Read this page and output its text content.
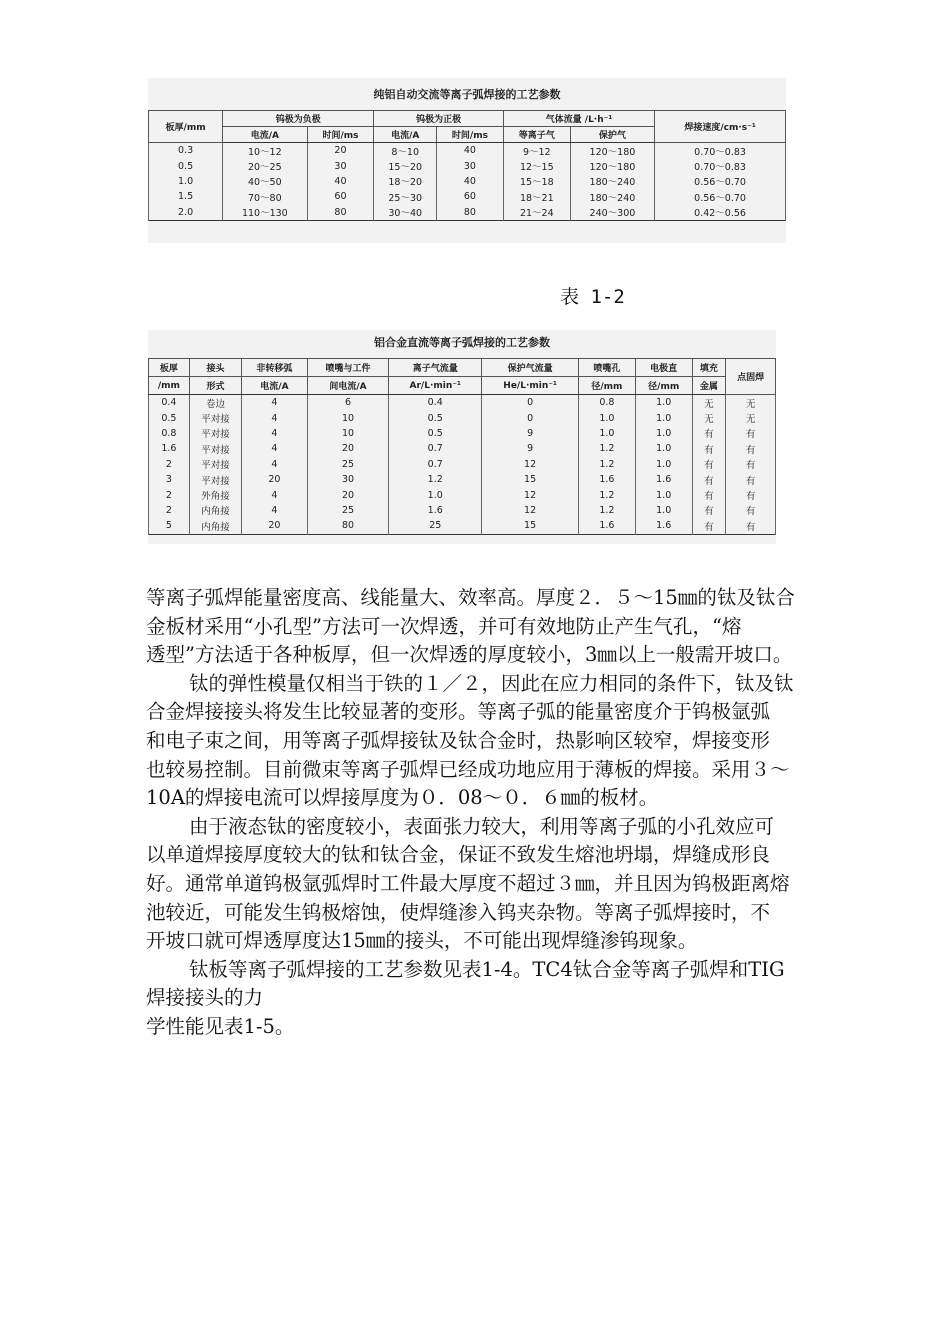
纯铝自动交流等离子弧焊接的工艺参数
板厚/mm	钨极为负极		钨极为正极		气体流量 /L·h⁻¹		焊接速度/cm·s⁻¹
	电流/A	时间/ms	电流/A	时间/ms	等离子气	保护气	
0.3	10～12	20	8～10	40	9～12	120～180	0.70～0.83
0.5	20～25	30	15～20	30	12～15	120～180	0.70～0.83
1.0	40～50	40	18～20	40	15～18	180～240	0.56～0.70
1.5	70～80	60	25～30	60	18～21	180～240	0.56～0.70
2.0	110～130	80	30～40	80	21～24	240～300	0.42～0.56
表 1-2
铝合金直流等离子弧焊接的工艺参数
板厚	接头	非转移弧	喷嘴与工件	离子气流量	保护气流量	喷嘴孔	电极直	填充	点固焊
/mm	形式	电流/A	间电流/A	Ar/L·min⁻¹	He/L·min⁻¹	径/mm	径/mm	金属	
0.4	卷边	4	6	0.4	0	0.8	1.0	无	无
0.5	平对接	4	10	0.5	0	1.0	1.0	无	无
0.8	平对接	4	10	0.5	9	1.0	1.0	有	有
1.6	平对接	4	20	0.7	9	1.2	1.0	有	有
2	平对接	4	25	0.7	12	1.2	1.0	有	有
3	平对接	20	30	1.2	15	1.6	1.6	有	有
2	外角接	4	20	1.0	12	1.2	1.0	有	有
2	内角接	4	25	1.6	12	1.2	1.0	有	有
5	内角接	20	80	25	15	1.6	1.6	有	有
等离子弧焊能量密度高、线能量大、效率高。厚度２．５～15㎜的钛及钛合
金板材采用“小孔型”方法可一次焊透，并可有效地防止产生气孔，“熔
透型”方法适于各种板厚，但一次焊透的厚度较小，3㎜以上一般需开坡口。
钛的弹性模量仅相当于铁的１／２，因此在应力相同的条件下，钛及钛
合金焊接接头将发生比较显著的变形。等离子弧的能量密度介于钨极氩弧
和电子束之间，用等离子弧焊接钛及钛合金时，热影响区较窄，焊接变形
也较易控制。目前微束等离子弧焊已经成功地应用于薄板的焊接。采用３～
10A的焊接电流可以焊接厚度为０．08～０．６㎜的板材。
由于液态钛的密度较小，表面张力较大，利用等离子弧的小孔效应可
以单道焊接厚度较大的钛和钛合金，保证不致发生熔池坍塌，焊缝成形良
好。通常单道钨极氩弧焊时工件最大厚度不超过３㎜，并且因为钨极距离熔
池较近，可能发生钨极熔蚀，使焊缝渗入钨夹杂物。等离子弧焊接时，不
开坡口就可焊透厚度达15㎜的接头，不可能出现焊缝渗钨现象。
钛板等离子弧焊接的工艺参数见表1-4。TC4钛合金等离子弧焊和TIG
焊接接头的力
学性能见表1-5。
